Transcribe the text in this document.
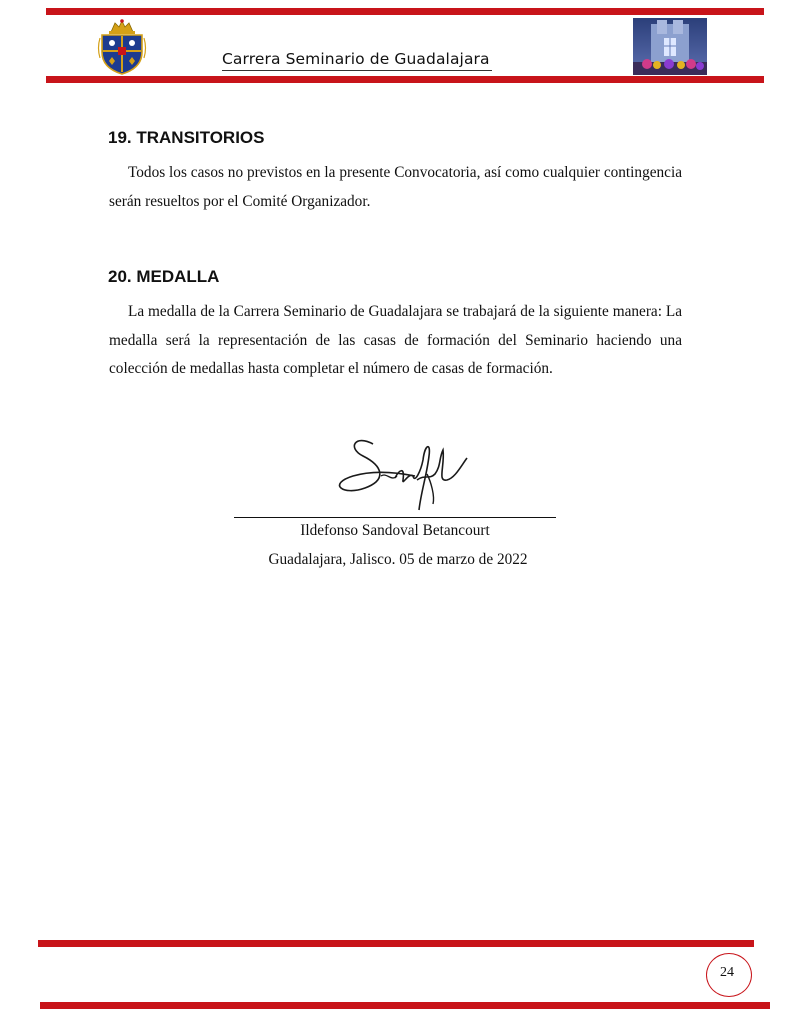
Carrera Seminario de Guadalajara
19. TRANSITORIOS
Todos los casos no previstos en la presente Convocatoria, así como cualquier contingencia serán resueltos por el Comité Organizador.
20. MEDALLA
La medalla de la Carrera Seminario de Guadalajara se trabajará de la siguiente manera: La medalla será la representación de las casas de formación del Seminario haciendo una colección de medallas hasta completar el número de casas de formación.
Ildefonso Sandoval Betancourt
Guadalajara, Jalisco. 05 de marzo de 2022
24
